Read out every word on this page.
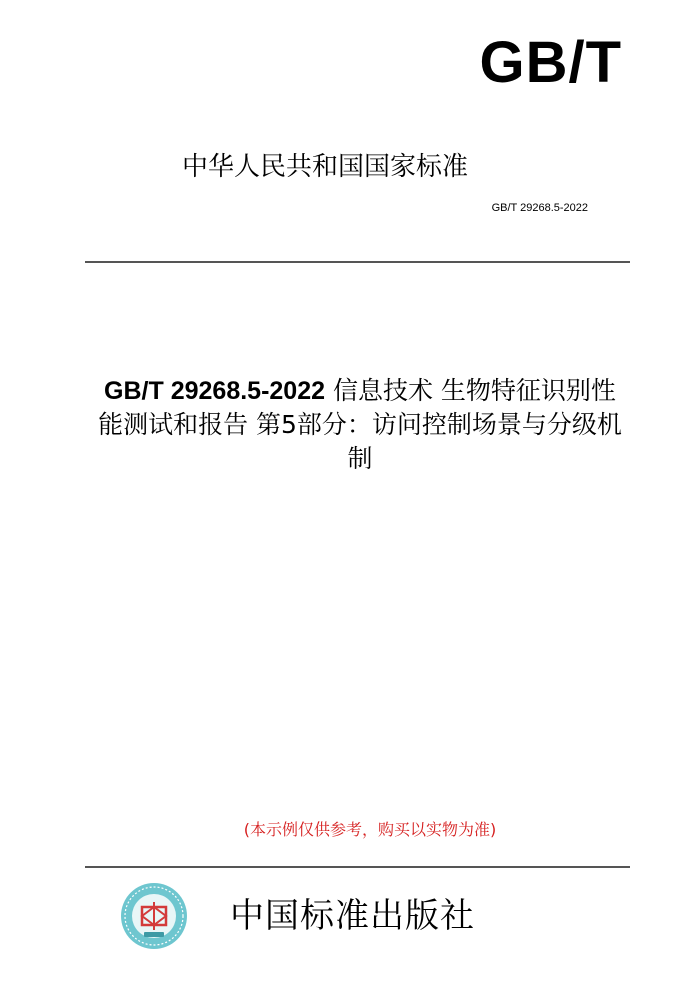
GB/T
中华人民共和国国家标准
GB/T 29268.5-2022
GB/T 29268.5-2022 信息技术 生物特征识别性
能测试和报告 第5部分：访问控制场景与分级机
制
(本示例仅供参考，购买以实物为准)
中国标准出版社
